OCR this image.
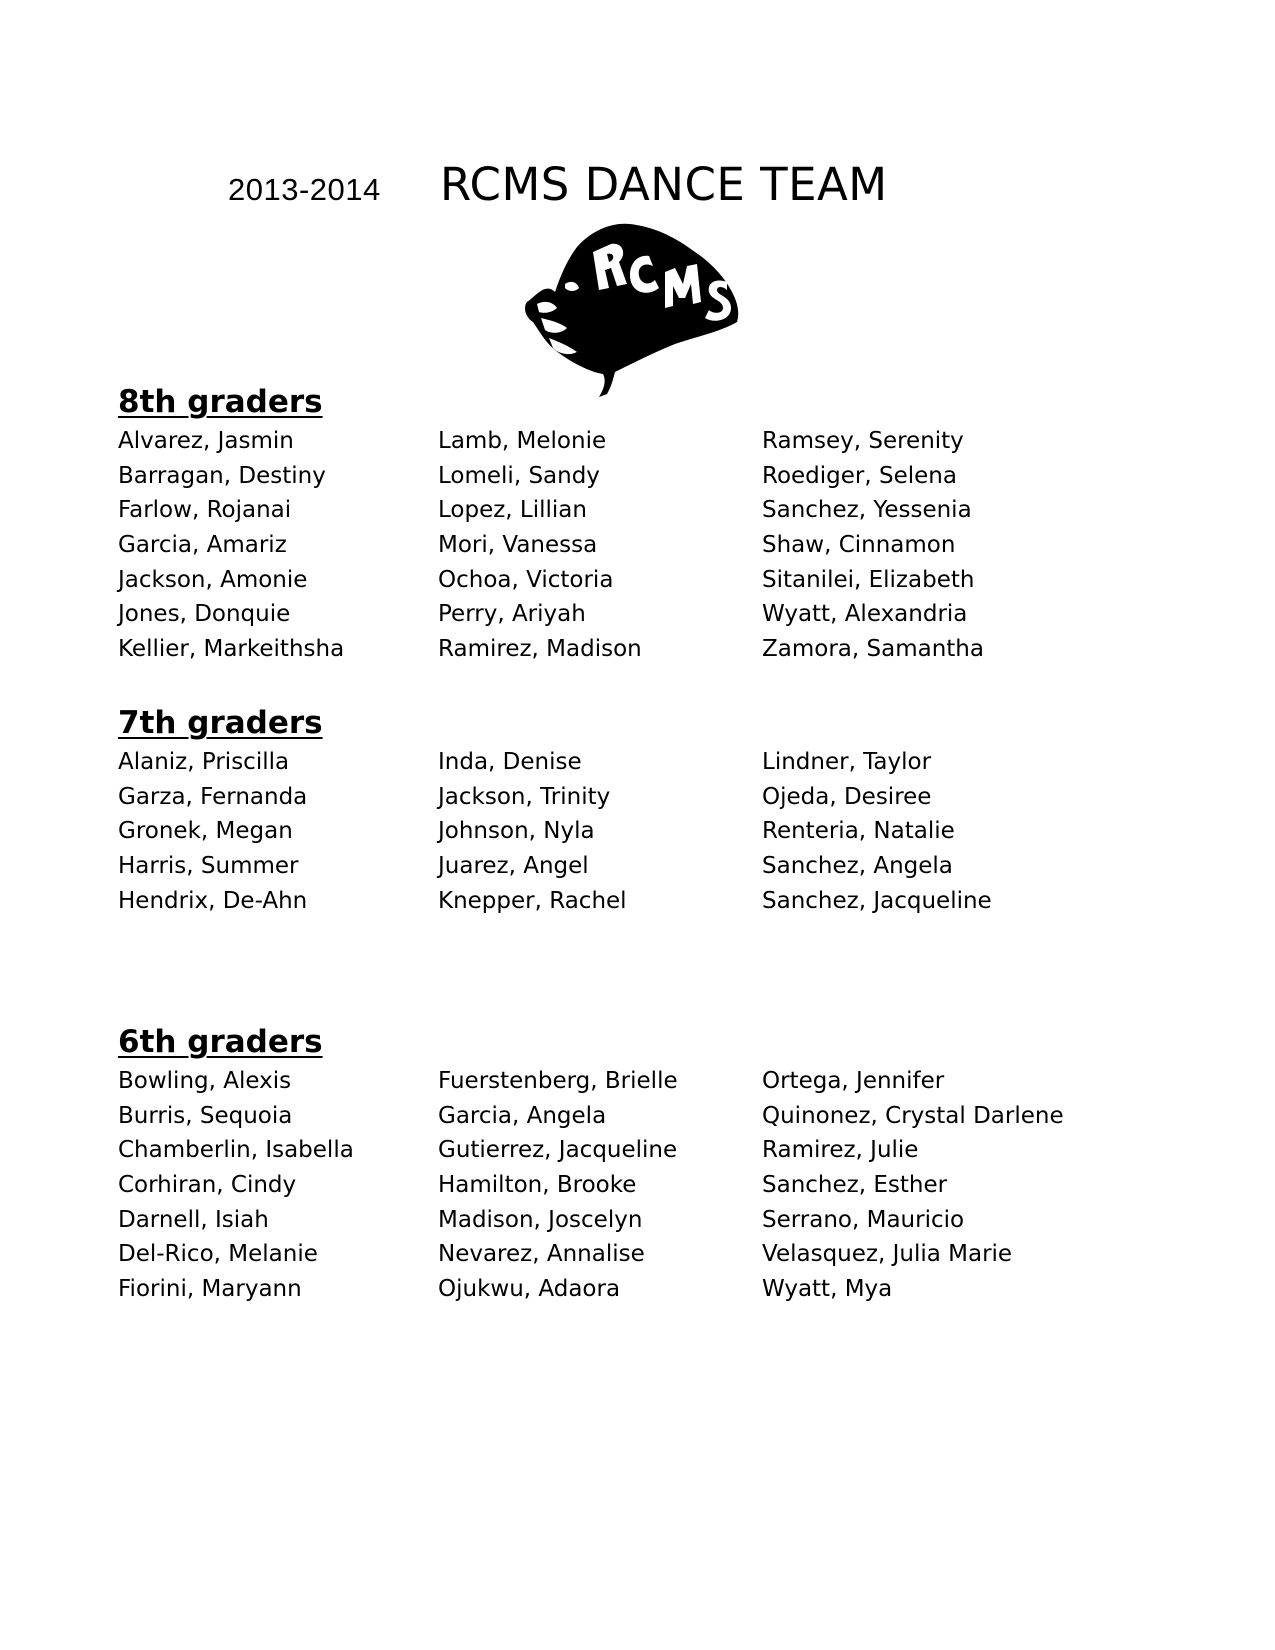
2013-2014 RCMS DANCE TEAM
8th graders
Alvarez, Jasmin
Barragan, Destiny
Farlow, Rojanai
Garcia, Amariz
Jackson, Amonie
Jones, Donquie
Kellier, Markeithsha
Lamb, Melonie
Lomeli, Sandy
Lopez, Lillian
Mori, Vanessa
Ochoa, Victoria
Perry, Ariyah
Ramirez, Madison
Ramsey, Serenity
Roediger, Selena
Sanchez, Yessenia
Shaw, Cinnamon
Sitanilei, Elizabeth
Wyatt, Alexandria
Zamora, Samantha
7th graders
Alaniz, Priscilla
Garza, Fernanda
Gronek, Megan
Harris, Summer
Hendrix, De-Ahn
Inda, Denise
Jackson, Trinity
Johnson, Nyla
Juarez, Angel
Knepper, Rachel
Lindner, Taylor
Ojeda, Desiree
Renteria, Natalie
Sanchez, Angela
Sanchez, Jacqueline
6th graders
Bowling, Alexis
Burris, Sequoia
Chamberlin, Isabella
Corhiran, Cindy
Darnell, Isiah
Del-Rico, Melanie
Fiorini, Maryann
Fuerstenberg, Brielle
Garcia, Angela
Gutierrez, Jacqueline
Hamilton, Brooke
Madison, Joscelyn
Nevarez, Annalise
Ojukwu, Adaora
Ortega, Jennifer
Quinonez, Crystal Darlene
Ramirez, Julie
Sanchez, Esther
Serrano, Mauricio
Velasquez, Julia Marie
Wyatt, Mya
